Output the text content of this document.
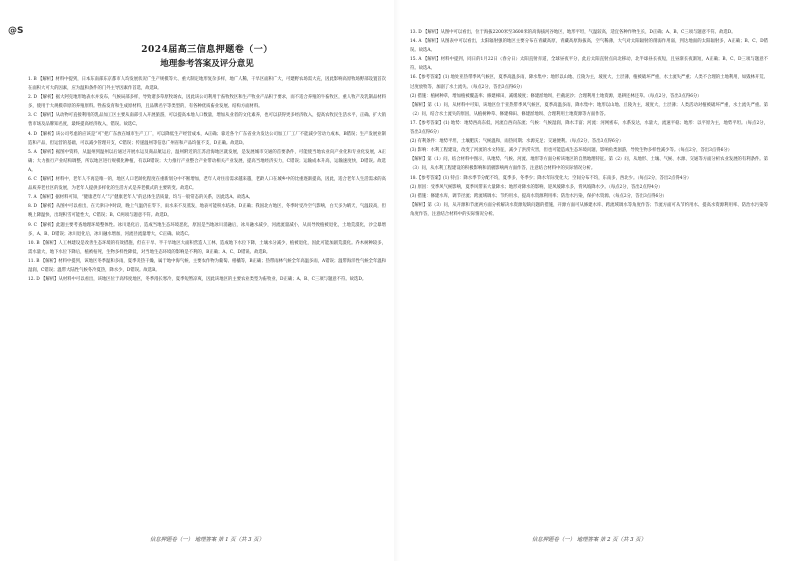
@S
2024届高三信息押题卷（一）
地理参考答案及评分意见

1. B 【解析】材料中提到，日本东南部东京都市人均发展状况广生产规模等大、重大制定地形复杂多样，地广人稀，干旱区面积广大，可建野农场需大充，因此影响高原牧场野部设置首次在面积大可大的因素，应为温和条件的门外主导因素作首选，故选B。

2. D 【解析】据大阿克地形地表水并发布，气候局部多样，导致诸多草原牧场农，因此该公司利用于畜牧牧区和生产牧业产品积于要求，而不适合养殖的牛畜牧区，重人牧产及乳制品材料多，使用于大规模草原的养殖原料。牲畜发育和生成原材料，且品牌名字等类型的，有各种优质畜业发展、结构方面材料。

3. C 【解析】从动物可直接利用的乳品加工区主要从南部引入开展旅游，可以提高本地人口数量，增加从业者的文化素养，也可以获得更多经济收入，提高农牧民生活水平，正确。扩大销售市场及品牌知名度，最终提高经济收入，错误。故选C。

4. D 【解析】该公司考虑的应该是“可”把广东放在城市生产工厂，可以降低生产经营成本，A正确；靠近各个广东省业为发达公司加工厂工厂不能减少劳动力成本，B错误；生产发展业制造和产品，但运营的基础，可以减少管理开支，C错误；传递温州等信息广州省和产品均值不支，D正确。故选D。

5. A 【解析】据图中资料，从温州到温州以后通过开展水运及商品航运后，温州附近的江苏沿海地区就发展，是发展城市交通的首要条件，可能使当地农业向产业化和专业化发展，A正确；大力推行产业结构调整，所以地区进行规模化种植，有以B错误；大力推行产业整合产业带动相关产业发展，提高当地经济实力，C错误；运输成本升高，运输速度快，D错误。故选A。

6. C 【解析】材料中，老年人不再是唯一的，地区人口老龄化程度在重新划分中不断增加，老年人对住房需求越来越，老龄人口在城乡中的比重逐渐提高，因此，适合老年人生活需求的高品质养老社区的发展，为老年人提供多样化的生活方式是养老模式的主要转变。故选C。

7. A 【解析】据材料可知，“健康老年人”与“健康老年人”的总体生活质量，均与一般常态的关系，因此选A。故选A。

8. D 【解析】从图中可以看出，在天津日中时段，晚上气温仍在零下，雨水来不及蒸发，地表可能积水结冰，D正确；我国北方地区，冬季时受冷空气影响，白天多为晴天，气温较高，但晚上降温快，出现积雪可能性大，C错误；B、C两项与题意不符。故选D。

9. C 【解析】此题主要考查地理环境整体性。冰川退化后，造成当地生态环境恶化，原因是当地冰川消融后，冰川融水减少，河流流量减小，从而导致植被退化，土地荒漠化，沙尘暴增多，A、B、D错误；冰川退化后，冰川融水增加，河流径流量增大，C正确。故选C。

10. B 【解析】人工林建设是改善生态环境的有效措施，但在干旱、半干旱地区大面积营造人工林，造成地下水位下降，土壤水分减少，植被退化，因此可能加剧荒漠化。乔木树种较多，需水量大，地下水位下降后，植被枯死，生物多样性降低，对当地生态环境的影响是不利的，B正确；A、C、D错误。故选B。

11. B 【解析】材料中提到，该地区冬季温和多雨，夏季炎热干燥，属于地中海气候，主要农作物为葡萄、柑橘等，B正确；热带雨林气候全年高温多雨，A错误；温带海洋性气候全年温和湿润，C错误；温带大陆性气候冬冷夏热，降水少，D错误。故选B。

12. D 【解析】从材料中可以看出，该地区位于高纬度地区，冬季漫长寒冷，夏季短暂凉爽，因此该地区的主要农业类型为畜牧业，D正确；A、B、C三项与题意不符。故选D。

13. D 【解析】从图中可以看出，位于海拔2200米至3600米的高海拔河谷地区，地形平坦，气温较高，适宜各种作物生长，D正确；A、B、C三项与题意不符。故选D。

14. A 【解析】从图表中可以看出，太阳辐射强的地区主要分布在青藏高原，青藏高原海拔高，空气稀薄，大气对太阳辐射的削弱作用弱，到达地面的太阳辐射多，A正确；B、C、D错误。故选A。

15. A 【解析】材料中提到，同日的1月22日（春分日）太阳直射赤道，全球昼夜平分，此后太阳直射点向北移动，北半球昼长夜短，且昼渐长夜渐短，A正确；B、C、D三项与题意不符。故选A。

16.【参考答案】(1) 地处亚热带季风气候区，夏季高温多雨，降水集中；地形以山地、丘陵为主，坡度大，土层薄，植被破坏严重，水土流失严重；人类不合理的土地利用，如毁林开荒、过度放牧等，加剧了水土流失。（每点2分，答出3点得6分）
(2) 措施：植树种草，增加植被覆盖率；修建梯田，减缓坡度；修建淤地坝，拦截泥沙；合理利用土地资源，退耕还林还草。（每点2分，答出3点得6分）

【解析】第（1）问，从材料中可知，该地区位于亚热带季风气候区，夏季高温多雨，降水集中；地形以山地、丘陵为主，坡度大，土层薄；人类活动对植被破坏严重，水土流失严重。第（2）问，结合水土流失的原因，从植树种草、修建梯田、修建淤地坝、合理利用土地资源等方面作答。

17.【参考答案】(1) 地势：地势西高东低，河流自西向东流；气候：气候湿润，降水丰富；河流：河网密布，水系发达，水量大，流速平稳；地形：以平原为主，地势平坦。（每点2分，答出3点得6分）
(2) 有利条件：地势平坦，土壤肥沃；气候温和，雨热同期；水源充足；交通便利。（每点2分，答出3点得6分）
(3) 影响：水利工程建设，改变了河流的水文特征，减少了洪涝灾害，但也可能造成生态环境问题，影响鱼类洄游，导致生物多样性减少等。（每点2分，答出3点得6分）

【解析】第（1）问，结合材料中图示，从地势、气候、河流、地形等方面分析该地区的自然地理特征。第（2）问，从地形、土壤、气候、水源、交通等方面分析农业发展的有利条件。第（3）问，从水利工程建设的积极影响和消极影响两方面作答，注意结合材料中的实际情况分析。

18.【参考答案】(1) 特点：降水季节分配不均，夏季多，冬季少；降水年际变化大；空间分布不均，东南多，西北少。（每点2分，答出2点得4分）
(2) 原因：受季风气候影响，夏季风带来大量降水；地形对降水的影响，迎风坡降水多，背风坡降水少。（每点2分，答出2点得4分）

(3) 措施：修建水库，调节径流；跨流域调水；节约用水，提高水资源利用率；防治水污染，保护水资源。（每点2分，答出3点得6分）

【解析】第（3）问，从开源和节流两方面分析解决水资源短缺问题的措施，开源方面可从修建水库、跨流域调水等角度作答；节流方面可从节约用水、提高水资源利用率、防治水污染等角度作答，注意结合材料中的实际情况分析。

信息押题卷（一） 地理答案 第 1 页（共 3 页）	信息押题卷（一） 地理答案 第 2 页（共 3 页）
